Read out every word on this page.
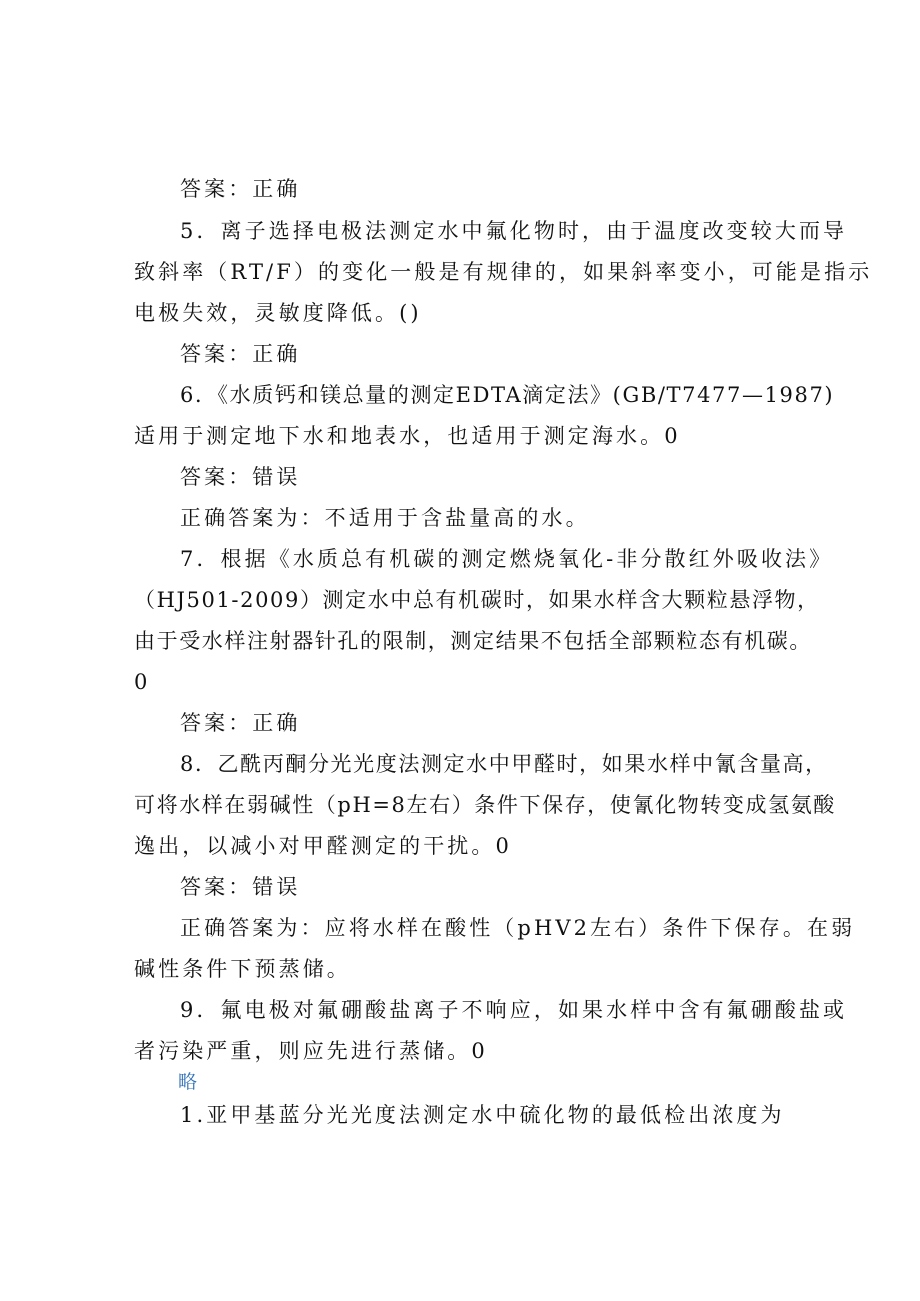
答案：正确
5．离子选择电极法测定水中氟化物时，由于温度改变较大而导
致斜率（RT/F）的变化一般是有规律的，如果斜率变小，可能是指示
电极失效，灵敏度降低。()
答案：正确
6．《水质钙和镁总量的测定EDTA滴定法》(GB/T7477—1987)
适用于测定地下水和地表水，也适用于测定海水。0
答案：错误
正确答案为：不适用于含盐量高的水。
7．根据《水质总有机碳的测定燃烧氧化-非分散红外吸收法》
（HJ501-2009）测定水中总有机碳时，如果水样含大颗粒悬浮物，
由于受水样注射器针孔的限制，测定结果不包括全部颗粒态有机碳。
0
答案：正确
8．乙酰丙酮分光光度法测定水中甲醛时，如果水样中氰含量高，
可将水样在弱碱性（pH=8左右）条件下保存，使氰化物转变成氢氨酸
逸出，以减小对甲醛测定的干扰。0
答案：错误
正确答案为：应将水样在酸性（pHV2左右）条件下保存。在弱
碱性条件下预蒸储。
9．氟电极对氟硼酸盐离子不响应，如果水样中含有氟硼酸盐或
者污染严重，则应先进行蒸储。0
略
1.亚甲基蓝分光光度法测定水中硫化物的最低检出浓度为
